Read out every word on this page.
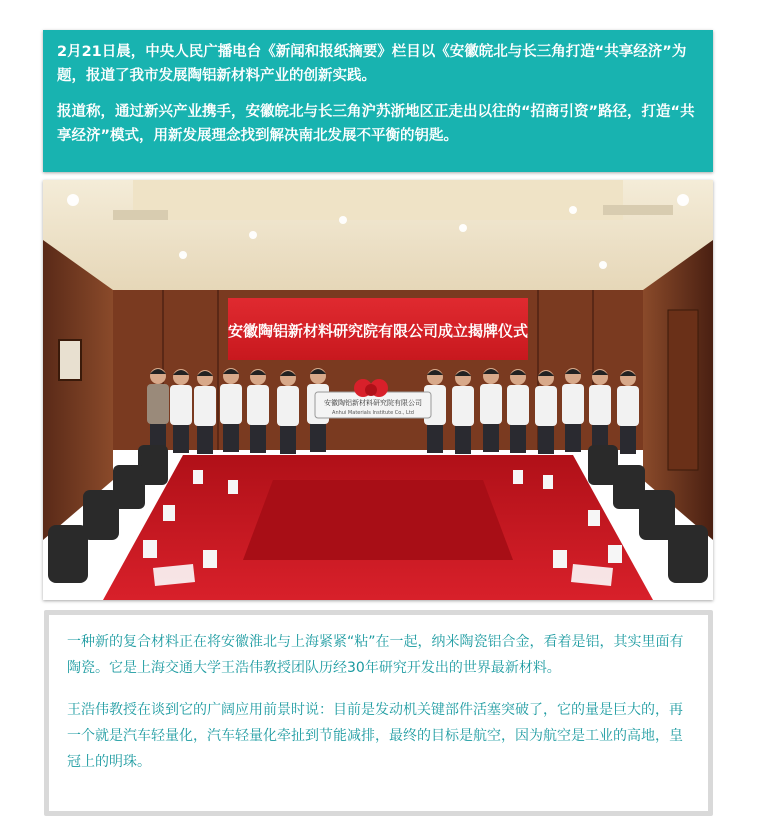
2月21日晨，中央人民广播电台《新闻和报纸摘要》栏目以《安徽皖北与长三角打造“共享经济”为题，报道了我市发展陶铝新材料产业的创新实践。

报道称，通过新兴产业携手，安徽皖北与长三角沪苏浙地区正走出以往的“招商引资”路径，打造“共享经济”模式，用新发展理念找到解决南北发展不平衡的钥匙。

安徽陶铝新材料研究院有限公司成立揭牌仪式
安徽陶铝新材料研究院有限公司
Anhui Materials Institute Co., Ltd

一种新的复合材料正在将安徽淮北与上海紧紧“粘”在一起，纳米陶瓷铝合金，看着是铝，其实里面有陶瓷。它是上海交通大学王浩伟教授团队历经30年研究开发出的世界最新材料。

王浩伟教授在谈到它的广阔应用前景时说：目前是发动机关键部件活塞突破了，它的量是巨大的，再一个就是汽车轻量化，汽车轻量化牵扯到节能减排，最终的目标是航空，因为航空是工业的高地，皇冠上的明珠。
